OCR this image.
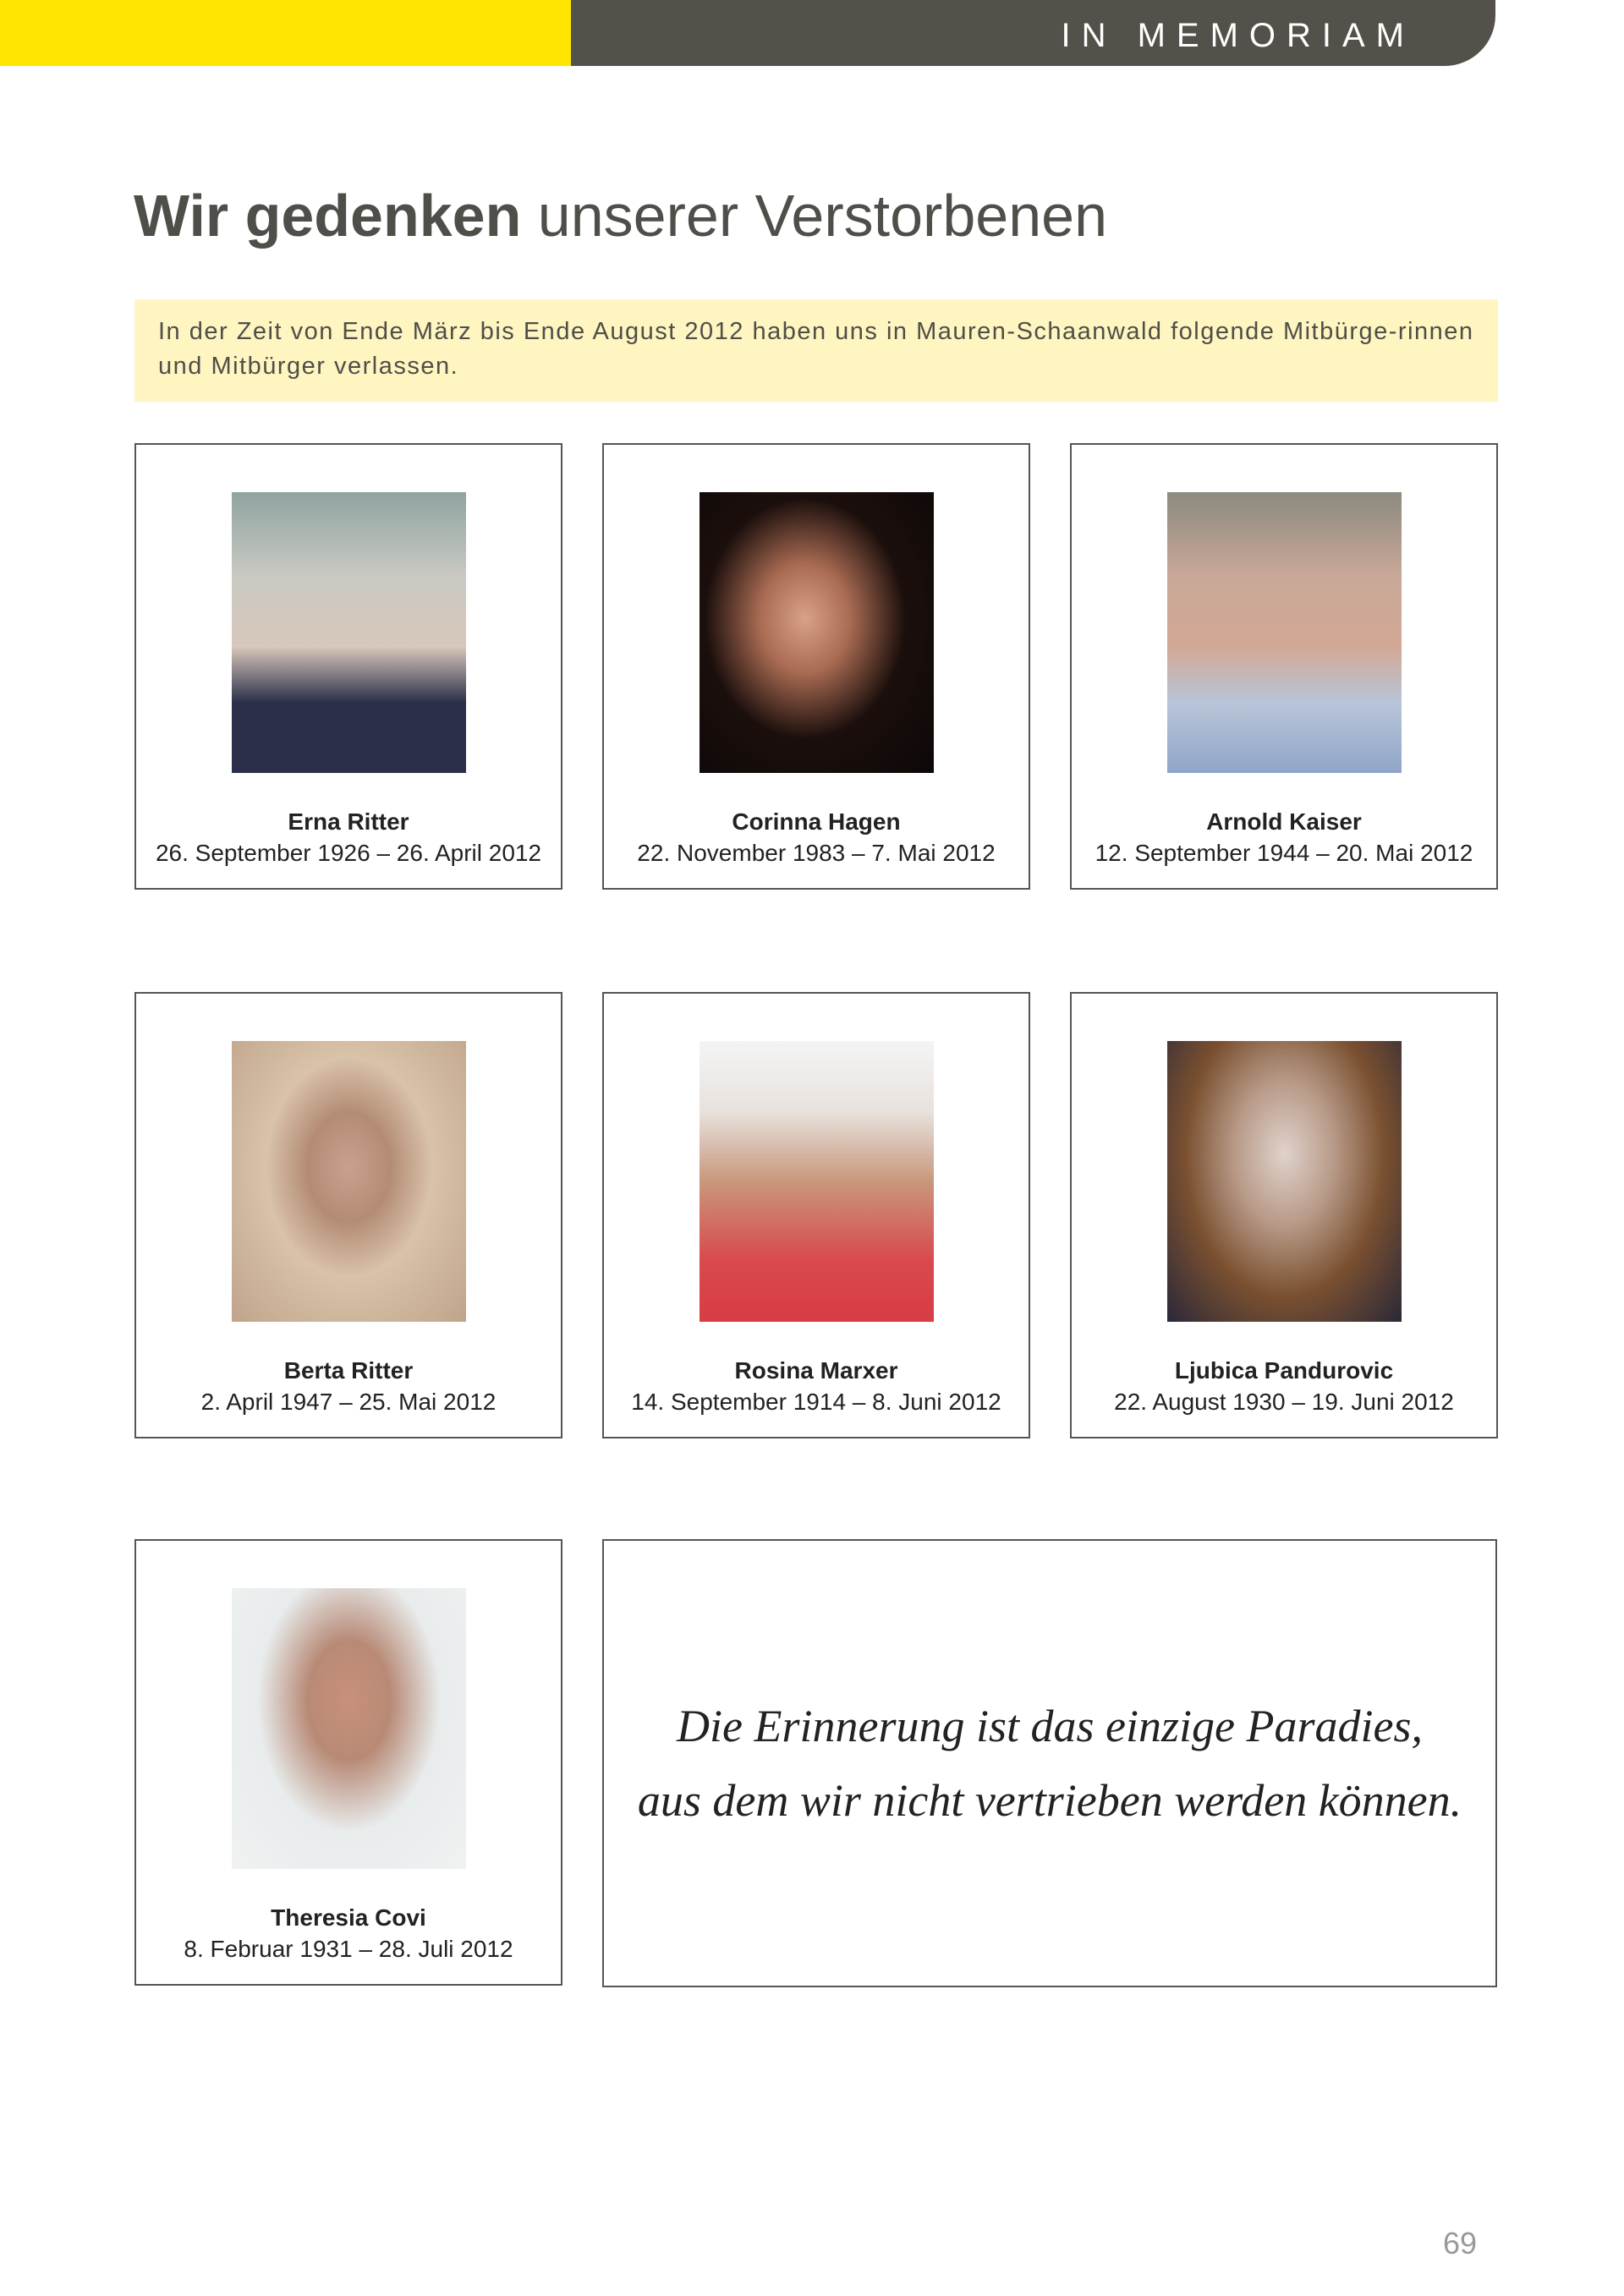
IN MEMORIAM
Wir gedenken unserer Verstorbenen
In der Zeit von Ende März bis Ende August 2012 haben uns in Mauren-Schaanwald folgende Mitbürge-rinnen und Mitbürger verlassen.
Erna Ritter
26. September 1926 – 26. April 2012
Corinna Hagen
22. November 1983 – 7. Mai 2012
Arnold Kaiser
12. September 1944 – 20. Mai 2012
Berta Ritter
2. April 1947 – 25. Mai 2012
Rosina Marxer
14. September 1914 – 8. Juni 2012
Ljubica Pandurovic
22. August 1930 – 19. Juni 2012
Theresia Covi
8. Februar 1931 – 28. Juli 2012
Die Erinnerung ist das einzige Paradies,
aus dem wir nicht vertrieben werden können.
69
